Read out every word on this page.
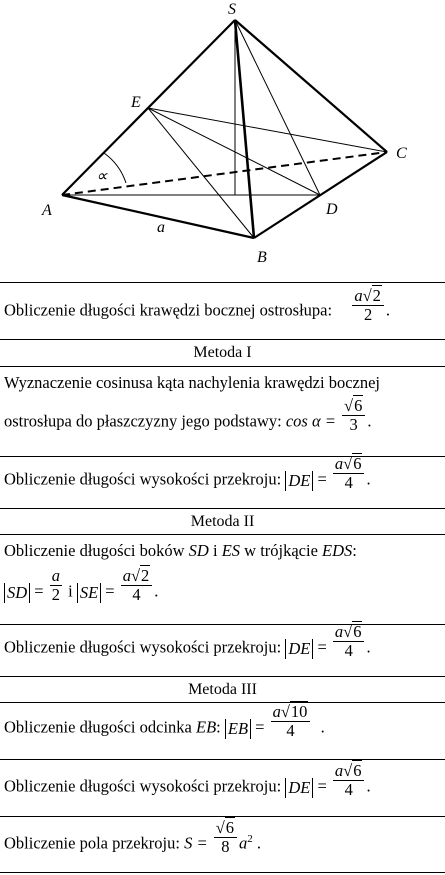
S
E
C
A	D
B
a
∝
Obliczenie długości krawędzi bocznej ostrosłupa: $\frac{a√2}{2}$ .
Metoda I
Wyznaczenie cosinusa kąta nachylenia krawędzi bocznej
ostrosłupa do płaszczyzny jego podstawy: $\cos \alpha = \frac{√6}{3}$ .
Obliczenie długości wysokości przekroju: DE = $\frac{a√6}{4}$ .
Metoda II
Obliczenie długości boków SD i ES w trójkącie EDS:
SD = $\frac{a}{2}$ i SE = $\frac{a√2}{4}$ .
Obliczenie długości wysokości przekroju: DE = $\frac{a√6}{4}$ .
Metoda III
Obliczenie długości odcinka EB: EB = $\frac{a√10}{4}$ .
Obliczenie długości wysokości przekroju: DE = $\frac{a√6}{4}$ .
Obliczenie pola przekroju: $S = \frac{√6}{8} a^2$ .
